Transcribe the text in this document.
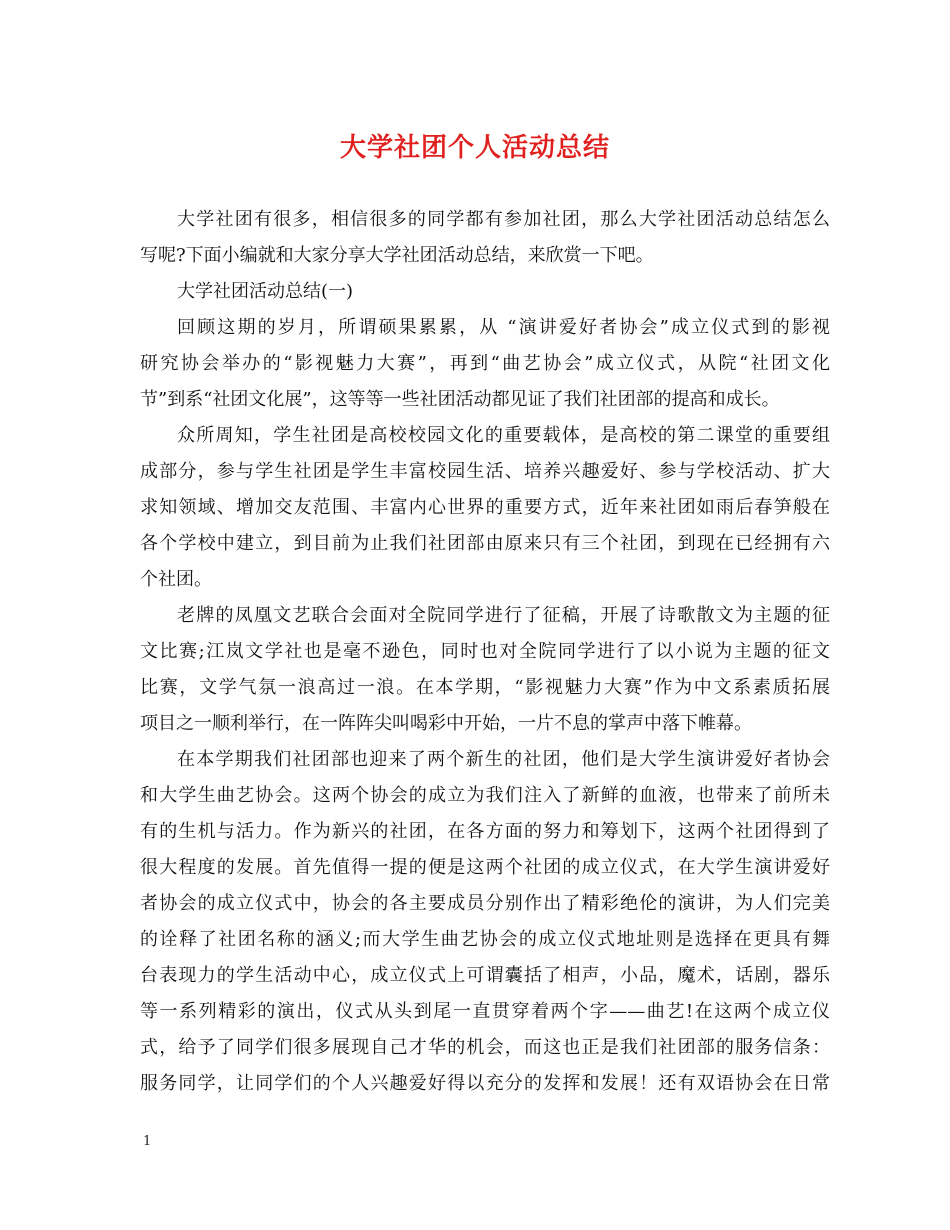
大学社团个人活动总结
大学社团有很多，相信很多的同学都有参加社团，那么大学社团活动总结怎么
写呢?下面小编就和大家分享大学社团活动总结，来欣赏一下吧。
大学社团活动总结(一)
回顾这期的岁月，所谓硕果累累，从 “演讲爱好者协会”成立仪式到的影视
研究协会举办的“影视魅力大赛”，再到“曲艺协会”成立仪式，从院“社团文化
节”到系“社团文化展”，这等等一些社团活动都见证了我们社团部的提高和成长。
众所周知，学生社团是高校校园文化的重要载体，是高校的第二课堂的重要组
成部分，参与学生社团是学生丰富校园生活、培养兴趣爱好、参与学校活动、扩大
求知领域、增加交友范围、丰富内心世界的重要方式，近年来社团如雨后春笋般在
各个学校中建立，到目前为止我们社团部由原来只有三个社团，到现在已经拥有六
个社团。
老牌的凤凰文艺联合会面对全院同学进行了征稿，开展了诗歌散文为主题的征
文比赛;江岚文学社也是毫不逊色，同时也对全院同学进行了以小说为主题的征文
比赛，文学气氛一浪高过一浪。在本学期，“影视魅力大赛”作为中文系素质拓展
项目之一顺利举行，在一阵阵尖叫喝彩中开始，一片不息的掌声中落下帷幕。
在本学期我们社团部也迎来了两个新生的社团，他们是大学生演讲爱好者协会
和大学生曲艺协会。这两个协会的成立为我们注入了新鲜的血液，也带来了前所未
有的生机与活力。作为新兴的社团，在各方面的努力和筹划下，这两个社团得到了
很大程度的发展。首先值得一提的便是这两个社团的成立仪式，在大学生演讲爱好
者协会的成立仪式中，协会的各主要成员分别作出了精彩绝伦的演讲，为人们完美
的诠释了社团名称的涵义;而大学生曲艺协会的成立仪式地址则是选择在更具有舞
台表现力的学生活动中心，成立仪式上可谓囊括了相声，小品，魔术，话剧，器乐
等一系列精彩的演出，仪式从头到尾一直贯穿着两个字——曲艺!在这两个成立仪
式，给予了同学们很多展现自己才华的机会，而这也正是我们社团部的服务信条：
服务同学，让同学们的个人兴趣爱好得以充分的发挥和发展！还有双语协会在日常
1
